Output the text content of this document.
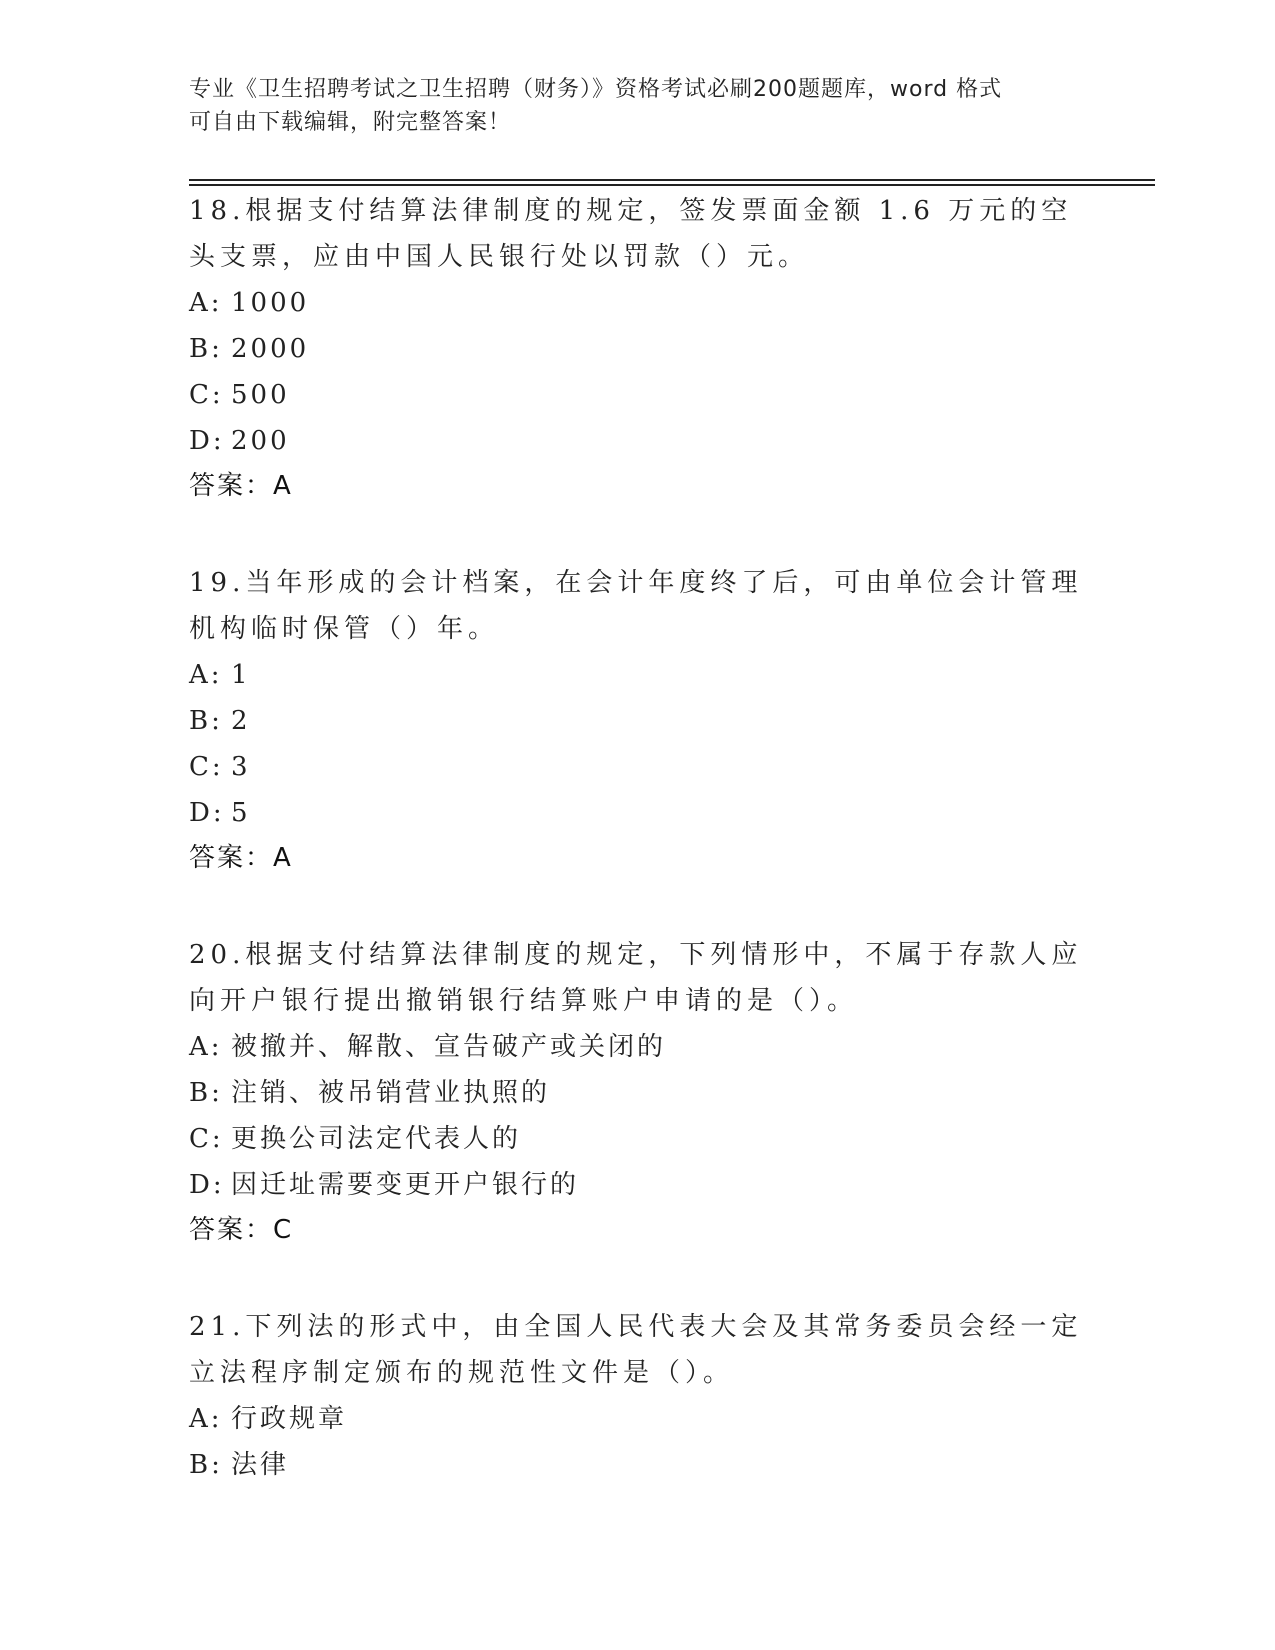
专业《卫生招聘考试之卫生招聘（财务）》资格考试必刷200题题库，word 格式
可自由下载编辑，附完整答案！
18.根据支付结算法律制度的规定，签发票面金额 1.6 万元的空头支票，应由中国人民银行处以罚款（）元。
A: 1000
B: 2000
C: 500
D: 200
答案：A
19.当年形成的会计档案，在会计年度终了后，可由单位会计管理机构临时保管（）年。
A: 1
B: 2
C: 3
D: 5
答案：A
20.根据支付结算法律制度的规定，下列情形中，不属于存款人应向开户银行提出撤销银行结算账户申请的是（）。
A: 被撤并、解散、宣告破产或关闭的
B: 注销、被吊销营业执照的
C: 更换公司法定代表人的
D: 因迁址需要变更开户银行的
答案：C
21.下列法的形式中，由全国人民代表大会及其常务委员会经一定立法程序制定颁布的规范性文件是（）。
A: 行政规章
B: 法律
